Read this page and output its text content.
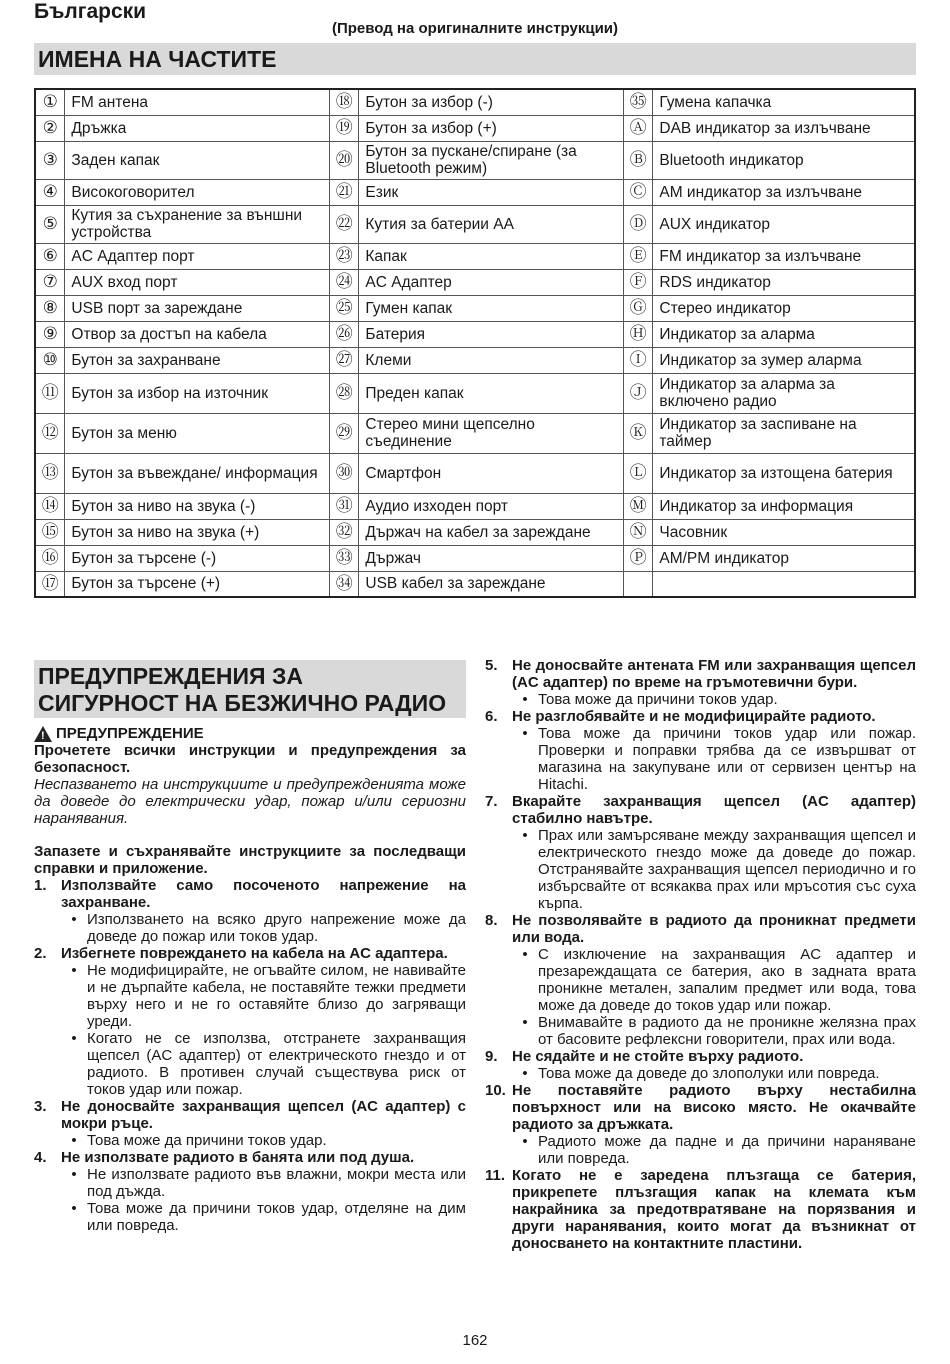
Български
(Превод на оригиналните инструкции)
ИМЕНА НА ЧАСТИТЕ
①	FM антена	⑱	Бутон за избор (-)	㉟	Гумена капачка
②	Дръжка	⑲	Бутон за избор (+)	Ⓐ	DAB индикатор за излъчване
③	Заден капак	⑳	Бутон за пускане/спиране (за Bluetooth режим)	Ⓑ	Bluetooth индикатор
④	Високоговорител	㉑	Език	Ⓒ	AM индикатор за излъчване
⑤	Кутия за съхранение за външни устройства	㉒	Кутия за батерии AA	Ⓓ	AUX индикатор
⑥	AC Адаптер порт	㉓	Капак	Ⓔ	FM индикатор за излъчване
⑦	AUX вход порт	㉔	AC Адаптер	Ⓕ	RDS индикатор
⑧	USB порт за зареждане	㉕	Гумен капак	Ⓖ	Стерео индикатор
⑨	Отвор за достъп на кабела	㉖	Батерия	Ⓗ	Индикатор за аларма
⑩	Бутон за захранване	㉗	Клеми	Ⓘ	Индикатор за зумер аларма
⑪	Бутон за избор на източник	㉘	Преден капак	Ⓙ	Индикатор за аларма за включено радио
⑫	Бутон за меню	㉙	Стерео мини щепселно съединение	Ⓚ	Индикатор за заспиване на таймер
⑬	Бутон за въвеждане/ информация	㉚	Смартфон	Ⓛ	Индикатор за изтощена батерия
⑭	Бутон за ниво на звука (-)	㉛	Аудио изходен порт	Ⓜ	Индикатор за информация
⑮	Бутон за ниво на звука (+)	㉜	Държач на кабел за зареждане	Ⓝ	Часовник
⑯	Бутон за търсене (-)	㉝	Държач	Ⓟ	AM/PM индикатор
⑰	Бутон за търсене (+)	㉞	USB кабел за зареждане		
ПРЕДУПРЕЖДЕНИЯ ЗА
СИГУРНОСТ НА БЕЗЖИЧНО РАДИО
!
ПРЕДУПРЕЖДЕНИЕ
Прочетете всички инструкции и предупреждения за безопасност.
Неспазването на инструкциите и предупрежденията може да доведе до електрически удар, пожар и/или сериозни наранявания.
Запазете и съхранявайте инструкциите за последващи справки и приложение.
1. Използвайте само посоченото напрежение на захранване.
• Използването на всяко друго напрежение може да доведе до пожар или токов удар.
2. Избегнете повреждането на кабела на AC адаптера.
• Не модифицирайте, не огъвайте силом, не навивайте и не дърпайте кабела, не поставяйте тежки предмети върху него и не го оставяйте близо до загряващи уреди.
• Когато не се използва, отстранете захранващия щепсел (AC адаптер) от електрическото гнездо и от радиото. В противен случай съществува риск от токов удар или пожар.
3. Не доносвайте захранващия щепсел (AC адаптер) с мокри ръце.
• Това може да причини токов удар.
4. Не използвате радиото в банята или под душа.
• Не използвате радиото във влажни, мокри места или под дъжда.
• Това може да причини токов удар, отделяне на дим или повреда.
5. Не доносвайте антената FM или захранващия щепсел (AC адаптер) по време на гръмотевични бури.
• Това може да причини токов удар.
6. Не разглобявайте и не модифицирайте радиото.
• Това може да причини токов удар или пожар. Проверки и поправки трябва да се извършват от магазина на закупуване или от сервизен център на Hitachi.
7. Вкарайте захранващия щепсел (AC адаптер) стабилно навътре.
• Прах или замърсяване между захранващия щепсел и електрическото гнездо може да доведе до пожар. Отстранявайте захранващия щепсел периодично и го избърсвайте от всякаква прах или мръсотия със суха кърпа.
8. Не позволявайте в радиото да проникнат предмети или вода.
• С изключение на захранващия AC адаптер и презареждащата се батерия, ако в задната врата проникне метален, запалим предмет или вода, това може да доведе до токов удар или пожар.
• Внимавайте в радиото да не проникне желязна прах от басовите рефлексни говорители, прах или вода.
9. Не сядайте и не стойте върху радиото.
• Това може да доведе до злополуки или повреда.
10. Не поставяйте радиото върху нестабилна повърхност или на високо място. Не окачвайте радиото за дръжката.
• Радиото може да падне и да причини нараняване или повреда.
11. Когато не е заредена плъзгаща се батерия, прикрепете плъзгащия капак на клемата към накрайника за предотвратяване на порязвания и други наранявания, които могат да възникнат от доносването на контактните пластини.
162
